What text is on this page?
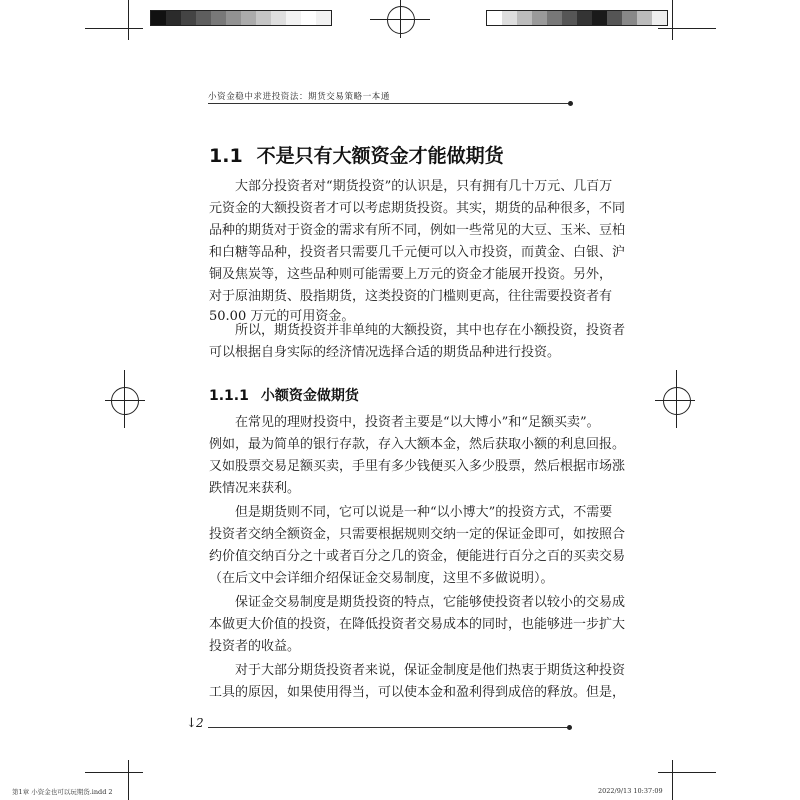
小资金稳中求进投资法：期货交易策略一本通
1.1 不是只有大额资金才能做期货
大部分投资者对“期货投资”的认识是，只有拥有几十万元、几百万
元资金的大额投资者才可以考虑期货投资。其实，期货的品种很多，不同
品种的期货对于资金的需求有所不同，例如一些常见的大豆、玉米、豆柏
和白糖等品种，投资者只需要几千元便可以入市投资，而黄金、白银、沪
铜及焦炭等，这些品种则可能需要上万元的资金才能展开投资。另外，
对于原油期货、股指期货，这类投资的门槛则更高，往往需要投资者有
50.00 万元的可用资金。
所以，期货投资并非单纯的大额投资，其中也存在小额投资，投资者
可以根据自身实际的经济情况选择合适的期货品种进行投资。
1.1.1 小额资金做期货
在常见的理财投资中，投资者主要是“以大博小”和“足额买卖”。
例如，最为简单的银行存款，存入大额本金，然后获取小额的利息回报。
又如股票交易足额买卖，手里有多少钱便买入多少股票，然后根据市场涨
跌情况来获利。
但是期货则不同，它可以说是一种“以小博大”的投资方式，不需要
投资者交纳全额资金，只需要根据规则交纳一定的保证金即可，如按照合
约价值交纳百分之十或者百分之几的资金，便能进行百分之百的买卖交易
（在后文中会详细介绍保证金交易制度，这里不多做说明）。
保证金交易制度是期货投资的特点，它能够使投资者以较小的交易成
本做更大价值的投资，在降低投资者交易成本的同时，也能够进一步扩大
投资者的收益。
对于大部分期货投资者来说，保证金制度是他们热衷于期货这种投资
工具的原因，如果使用得当，可以使本金和盈利得到成倍的释放。但是，
↓ 2
第1章 小资金也可以玩期货.indd 2	2022/9/13 10:37:09
